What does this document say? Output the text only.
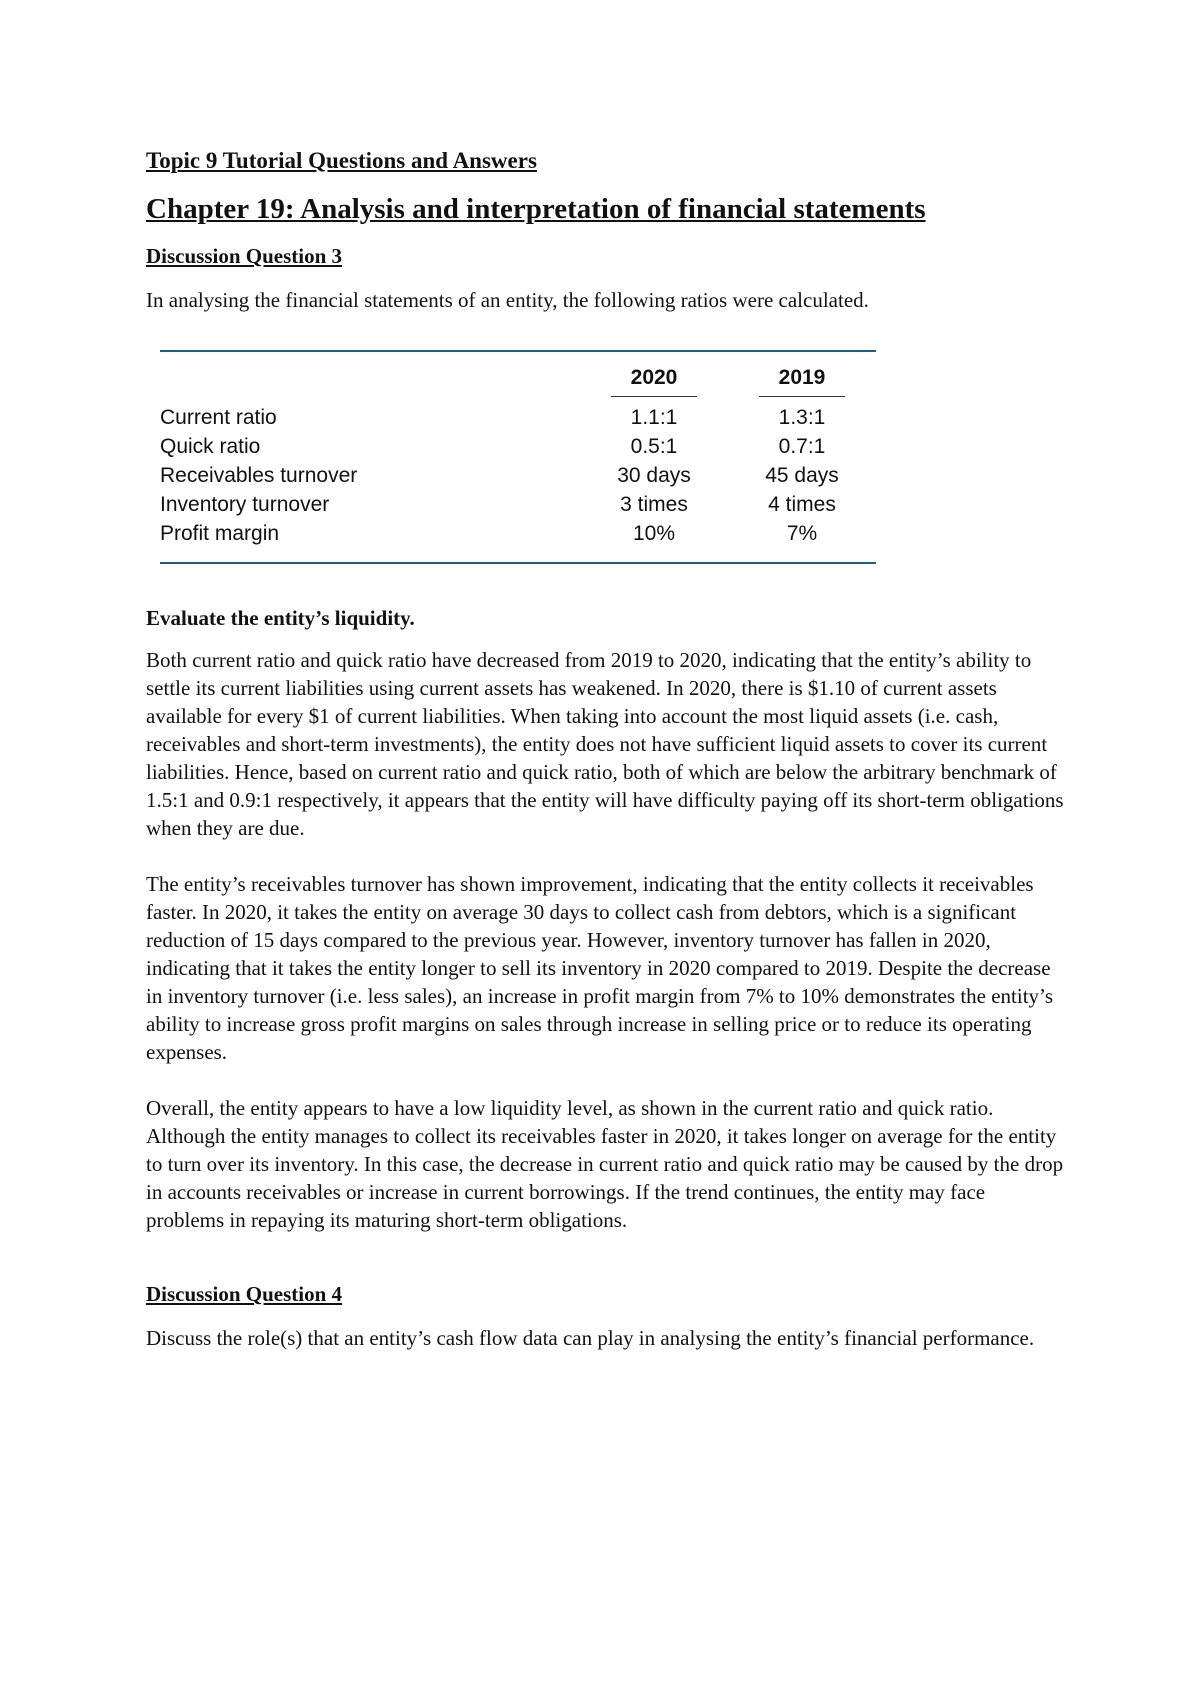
Topic 9 Tutorial Questions and Answers
Chapter 19: Analysis and interpretation of financial statements
Discussion Question 3
In analysing the financial statements of an entity, the following ratios were calculated.
	2020	2019
Current ratio	1.1:1	1.3:1
Quick ratio	0.5:1	0.7:1
Receivables turnover	30 days	45 days
Inventory turnover	3 times	4 times
Profit margin	10%	7%
Evaluate the entity’s liquidity.
Both current ratio and quick ratio have decreased from 2019 to 2020, indicating that the entity’s ability to settle its current liabilities using current assets has weakened. In 2020, there is $1.10 of current assets available for every $1 of current liabilities. When taking into account the most liquid assets (i.e. cash, receivables and short-term investments), the entity does not have sufficient liquid assets to cover its current liabilities. Hence, based on current ratio and quick ratio, both of which are below the arbitrary benchmark of 1.5:1 and 0.9:1 respectively, it appears that the entity will have difficulty paying off its short-term obligations when they are due.
The entity’s receivables turnover has shown improvement, indicating that the entity collects it receivables faster. In 2020, it takes the entity on average 30 days to collect cash from debtors, which is a significant reduction of 15 days compared to the previous year. However, inventory turnover has fallen in 2020, indicating that it takes the entity longer to sell its inventory in 2020 compared to 2019. Despite the decrease in inventory turnover (i.e. less sales), an increase in profit margin from 7% to 10% demonstrates the entity’s ability to increase gross profit margins on sales through increase in selling price or to reduce its operating expenses.
Overall, the entity appears to have a low liquidity level, as shown in the current ratio and quick ratio. Although the entity manages to collect its receivables faster in 2020, it takes longer on average for the entity to turn over its inventory. In this case, the decrease in current ratio and quick ratio may be caused by the drop in accounts receivables or increase in current borrowings. If the trend continues, the entity may face problems in repaying its maturing short-term obligations.
Discussion Question 4
Discuss the role(s) that an entity’s cash flow data can play in analysing the entity’s financial performance.
